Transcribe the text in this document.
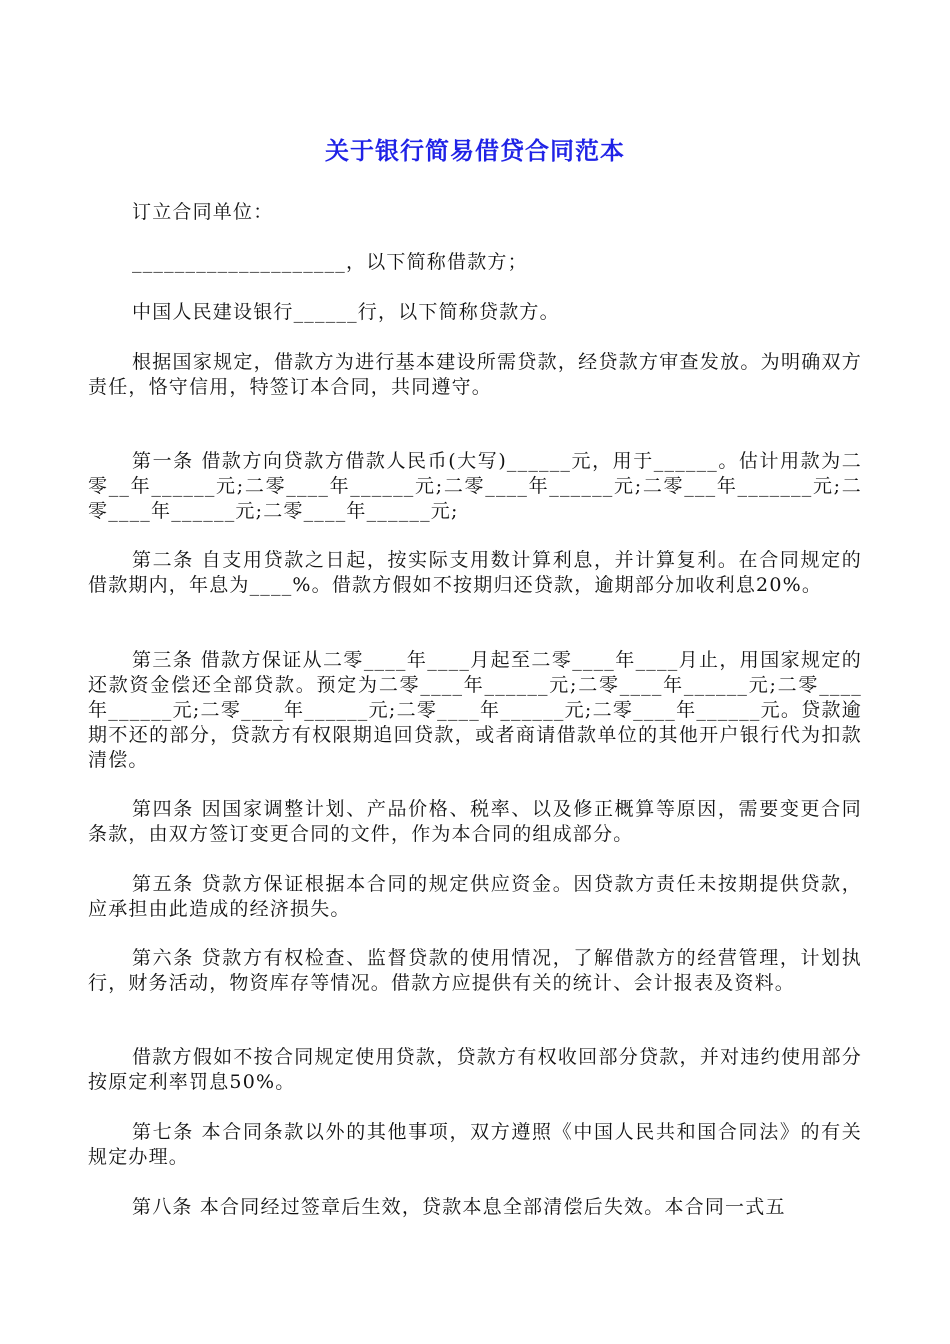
关于银行简易借贷合同范本

订立合同单位：

____________________，以下简称借款方；

中国人民建设银行______行，以下简称贷款方。

根据国家规定，借款方为进行基本建设所需贷款，经贷款方审查发放。为明确双方责任，恪守信用，特签订本合同，共同遵守。

第一条 借款方向贷款方借款人民币(大写)______元，用于______。估计用款为二零__年______元;二零____年______元;二零____年______元;二零___年_______元;二零____年______元;二零____年______元;

第二条 自支用贷款之日起，按实际支用数计算利息，并计算复利。在合同规定的借款期内，年息为____%。借款方假如不按期归还贷款，逾期部分加收利息20%。

第三条 借款方保证从二零____年____月起至二零____年____月止，用国家规定的还款资金偿还全部贷款。预定为二零____年______元;二零____年______元;二零____年______元;二零____年______元;二零____年______元;二零____年______元。贷款逾期不还的部分，贷款方有权限期追回贷款，或者商请借款单位的其他开户银行代为扣款清偿。

第四条 因国家调整计划、产品价格、税率、以及修正概算等原因，需要变更合同条款，由双方签订变更合同的文件，作为本合同的组成部分。

第五条 贷款方保证根据本合同的规定供应资金。因贷款方责任未按期提供贷款，应承担由此造成的经济损失。

第六条 贷款方有权检查、监督贷款的使用情况，了解借款方的经营管理，计划执行，财务活动，物资库存等情况。借款方应提供有关的统计、会计报表及资料。

借款方假如不按合同规定使用贷款，贷款方有权收回部分贷款，并对违约使用部分按原定利率罚息50%。

第七条 本合同条款以外的其他事项，双方遵照《中国人民共和国合同法》的有关规定办理。

第八条 本合同经过签章后生效，贷款本息全部清偿后失效。本合同一式五
